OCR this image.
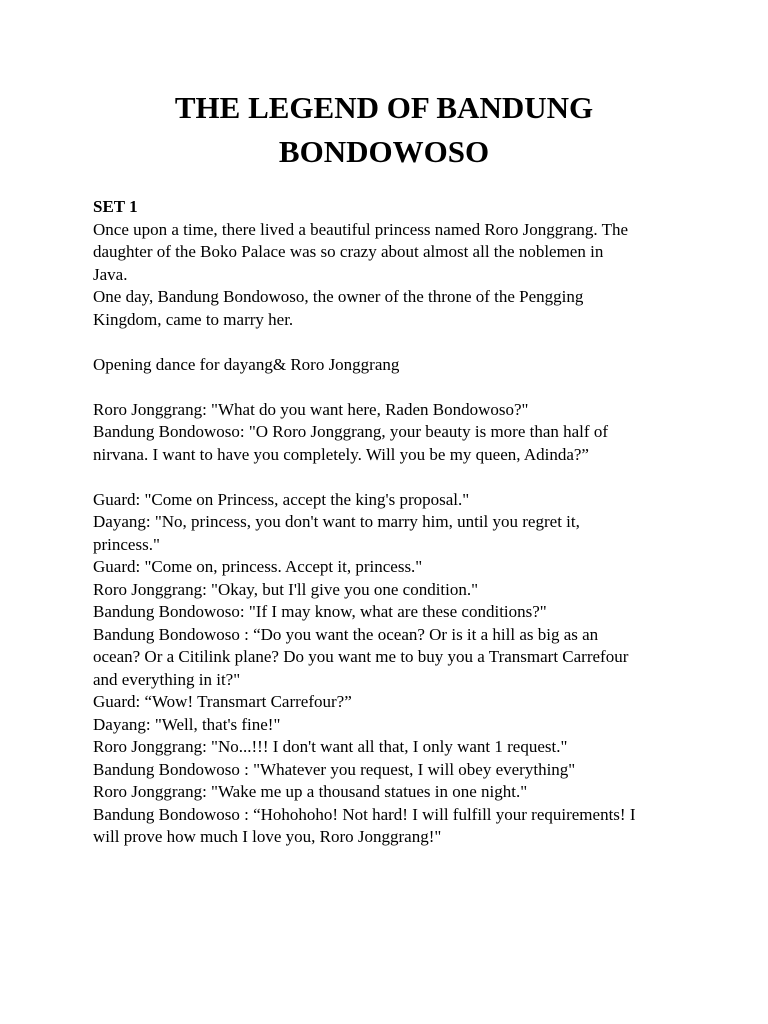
THE LEGEND OF BANDUNG
BONDOWOSO
SET 1
Once upon a time, there lived a beautiful princess named Roro Jonggrang. The
daughter of the Boko Palace was so crazy about almost all the noblemen in
Java.
One day, Bandung Bondowoso, the owner of the throne of the Pengging
Kingdom, came to marry her.
Opening dance for dayang& Roro Jonggrang
Roro Jonggrang: "What do you want here, Raden Bondowoso?"
Bandung Bondowoso: "O Roro Jonggrang, your beauty is more than half of
nirvana. I want to have you completely. Will you be my queen, Adinda?”
Guard: "Come on Princess, accept the king's proposal."
Dayang: "No, princess, you don't want to marry him, until you regret it,
princess."
Guard: "Come on, princess. Accept it, princess."
Roro Jonggrang: "Okay, but I'll give you one condition."
Bandung Bondowoso: "If I may know, what are these conditions?"
Bandung Bondowoso : “Do you want the ocean? Or is it a hill as big as an
ocean? Or a Citilink plane? Do you want me to buy you a Transmart Carrefour
and everything in it?"
Guard: “Wow! Transmart Carrefour?”
Dayang: "Well, that's fine!"
Roro Jonggrang: "No...!!! I don't want all that, I only want 1 request."
Bandung Bondowoso : "Whatever you request, I will obey everything"
Roro Jonggrang: "Wake me up a thousand statues in one night."
Bandung Bondowoso : “Hohohoho! Not hard! I will fulfill your requirements! I
will prove how much I love you, Roro Jonggrang!"
